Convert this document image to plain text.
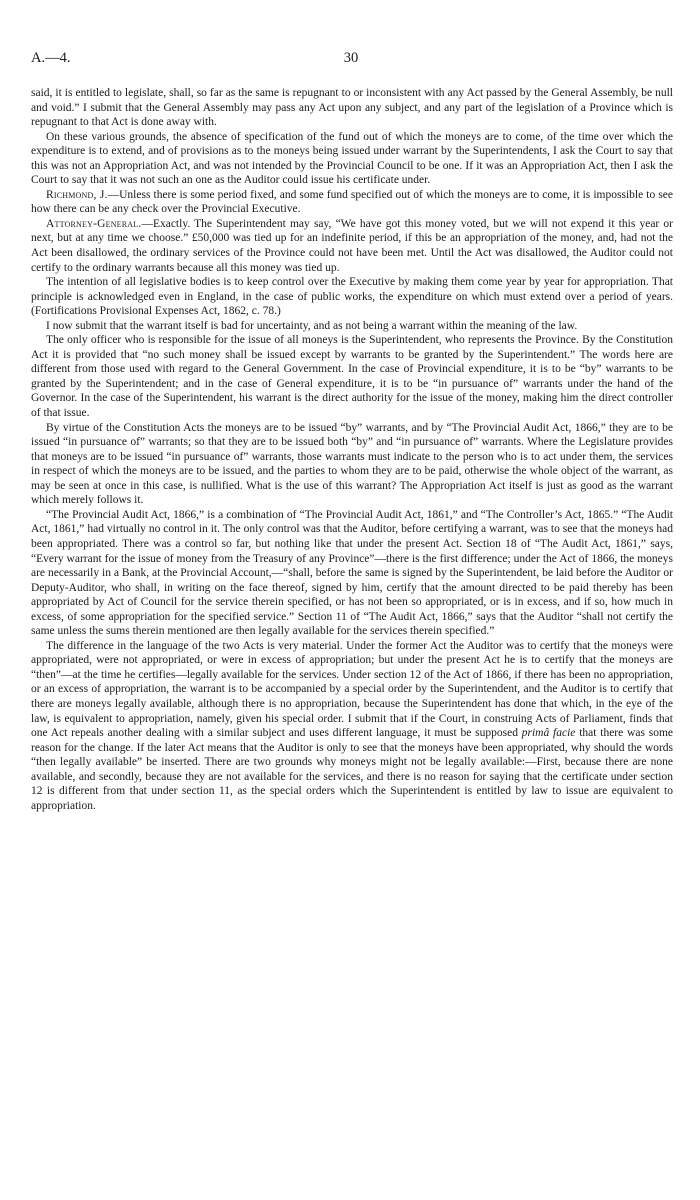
A.—4.	30

said, it is entitled to legislate, shall, so far as the same is repugnant to or inconsistent with any Act passed by the General Assembly, be null and void.” I submit that the General Assembly may pass any Act upon any subject, and any part of the legislation of a Province which is repugnant to that Act is done away with.

On these various grounds, the absence of specification of the fund out of which the moneys are to come, of the time over which the expenditure is to extend, and of provisions as to the moneys being issued under warrant by the Superintendents, I ask the Court to say that this was not an Appropriation Act, and was not intended by the Provincial Council to be one. If it was an Appropriation Act, then I ask the Court to say that it was not such an one as the Auditor could issue his certificate under.

Richmond, J.—Unless there is some period fixed, and some fund specified out of which the moneys are to come, it is impossible to see how there can be any check over the Provincial Executive.

Attorney-General.—Exactly. The Superintendent may say, “We have got this money voted, but we will not expend it this year or next, but at any time we choose.” £50,000 was tied up for an indefinite period, if this be an appropriation of the money, and, had not the Act been disallowed, the ordinary services of the Province could not have been met. Until the Act was disallowed, the Auditor could not certify to the ordinary warrants because all this money was tied up.

The intention of all legislative bodies is to keep control over the Executive by making them come year by year for appropriation. That principle is acknowledged even in England, in the case of public works, the expenditure on which must extend over a period of years. (Fortifications Provisional Expenses Act, 1862, c. 78.)

I now submit that the warrant itself is bad for uncertainty, and as not being a warrant within the meaning of the law.

The only officer who is responsible for the issue of all moneys is the Superintendent, who represents the Province. By the Constitution Act it is provided that “no such money shall be issued except by warrants to be granted by the Superintendent.” The words here are different from those used with regard to the General Government. In the case of Provincial expenditure, it is to be “by” warrants to be granted by the Superintendent; and in the case of General expenditure, it is to be “in pursuance of” warrants under the hand of the Governor. In the case of the Superintendent, his warrant is the direct authority for the issue of the money, making him the direct controller of that issue.

By virtue of the Constitution Acts the moneys are to be issued “by” warrants, and by “The Provincial Audit Act, 1866,” they are to be issued “in pursuance of” warrants; so that they are to be issued both “by” and “in pursuance of” warrants. Where the Legislature provides that moneys are to be issued “in pursuance of” warrants, those warrants must indicate to the person who is to act under them, the services in respect of which the moneys are to be issued, and the parties to whom they are to be paid, otherwise the whole object of the warrant, as may be seen at once in this case, is nullified. What is the use of this warrant? The Appropriation Act itself is just as good as the warrant which merely follows it.

“The Provincial Audit Act, 1866,” is a combination of “The Provincial Audit Act, 1861,” and “The Controller’s Act, 1865.” “The Audit Act, 1861,” had virtually no control in it. The only control was that the Auditor, before certifying a warrant, was to see that the moneys had been appropriated. There was a control so far, but nothing like that under the present Act. Section 18 of “The Audit Act, 1861,” says, “Every warrant for the issue of money from the Treasury of any Province”—there is the first difference; under the Act of 1866, the moneys are necessarily in a Bank, at the Provincial Account,—“shall, before the same is signed by the Superintendent, be laid before the Auditor or Deputy-Auditor, who shall, in writing on the face thereof, signed by him, certify that the amount directed to be paid thereby has been appropriated by Act of Council for the service therein specified, or has not been so appropriated, or is in excess, and if so, how much in excess, of some appropriation for the specified service.” Section 11 of “The Audit Act, 1866,” says that the Auditor “shall not certify the same unless the sums therein mentioned are then legally available for the services therein specified.”

The difference in the language of the two Acts is very material. Under the former Act the Auditor was to certify that the moneys were appropriated, were not appropriated, or were in excess of appropriation; but under the present Act he is to certify that the moneys are “then”—at the time he certifies—legally available for the services. Under section 12 of the Act of 1866, if there has been no appropriation, or an excess of appropriation, the warrant is to be accompanied by a special order by the Superintendent, and the Auditor is to certify that there are moneys legally available, although there is no appropriation, because the Superintendent has done that which, in the eye of the law, is equivalent to appropriation, namely, given his special order. I submit that if the Court, in construing Acts of Parliament, finds that one Act repeals another dealing with a similar subject and uses different language, it must be supposed primâ facie that there was some reason for the change. If the later Act means that the Auditor is only to see that the moneys have been appropriated, why should the words “then legally available” be inserted. There are two grounds why moneys might not be legally available:—First, because there are none available, and secondly, because they are not available for the services, and there is no reason for saying that the certificate under section 12 is different from that under section 11, as the special orders which the Superintendent is entitled by law to issue are equivalent to appropriation.
